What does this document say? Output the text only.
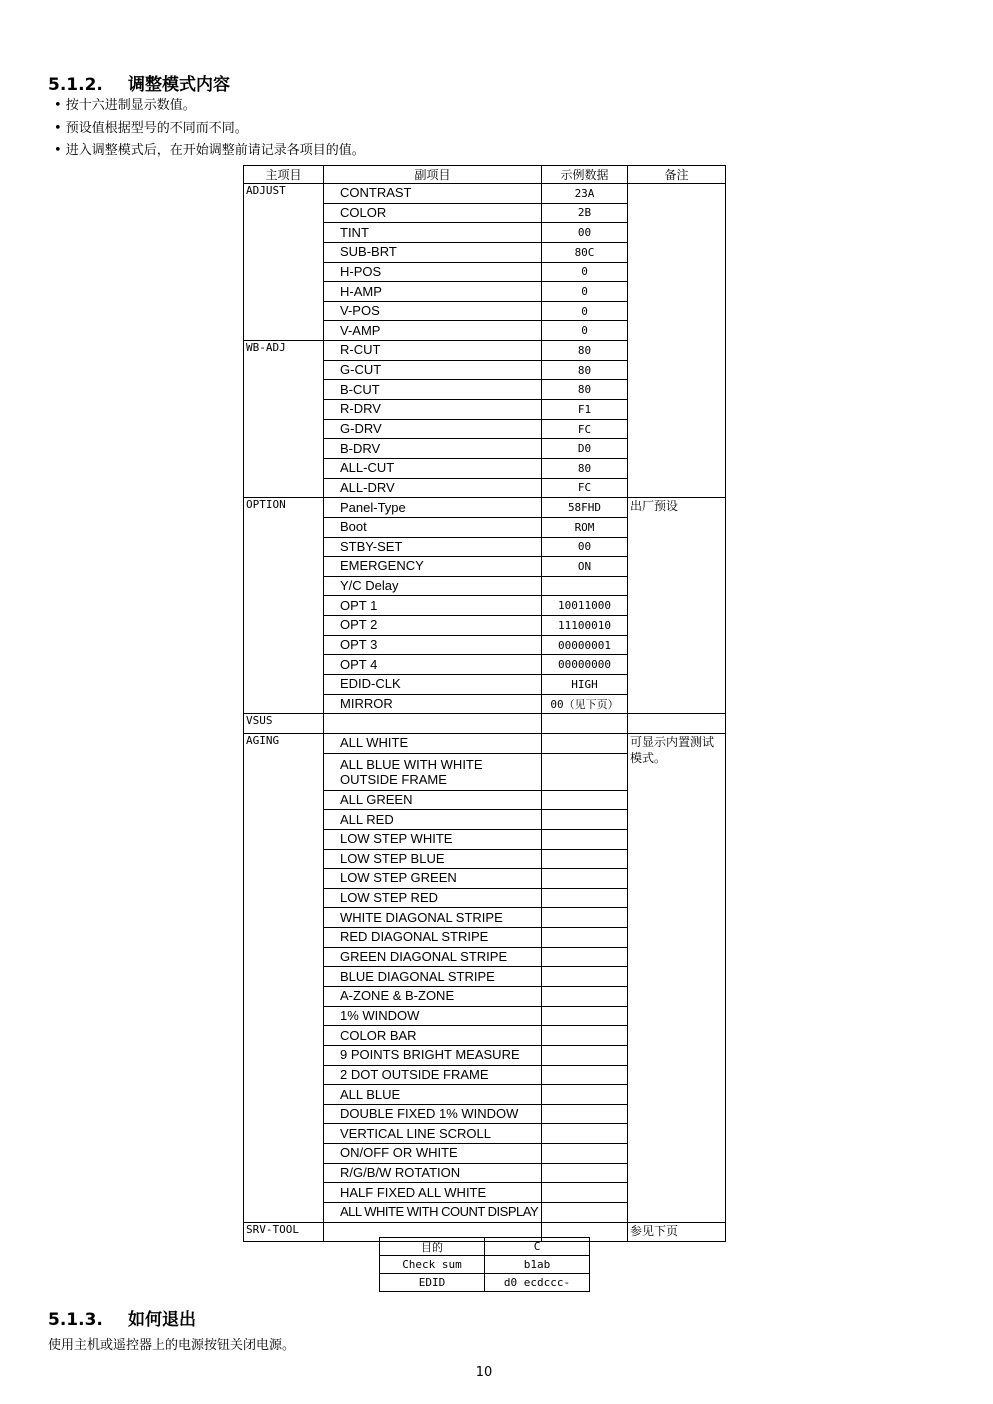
5.1.2. 调整模式内容
• 按十六进制显示数值。
• 预设值根据型号的不同而不同。
• 进入调整模式后，在开始调整前请记录各项目的值。
主项目	副项目	示例数据	备注
ADJUST	CONTRAST	23A	
	COLOR	2B	
	TINT	00	
	SUB-BRT	80C	
	H-POS	0	
	H-AMP	0	
	V-POS	0	
	V-AMP	0	
WB-ADJ	R-CUT	80	
	G-CUT	80	
	B-CUT	80	
	R-DRV	F1	
	G-DRV	FC	
	B-DRV	D0	
	ALL-CUT	80	
	ALL-DRV	FC	
OPTION	Panel-Type	58FHD	出厂预设
	Boot	ROM	
	STBY-SET	00	
	EMERGENCY	ON	
	Y/C Delay		
	OPT 1	10011000	
	OPT 2	11100010	
	OPT 3	00000001	
	OPT 4	00000000	
	EDID-CLK	HIGH	
	MIRROR	00（见下页）	
VSUS			
AGING	ALL WHITE		可显示内置测试模式。
	ALL BLUE WITH WHITE OUTSIDE FRAME		
	ALL GREEN		
	ALL RED		
	LOW STEP WHITE		
	LOW STEP BLUE		
	LOW STEP GREEN		
	LOW STEP RED		
	WHITE DIAGONAL STRIPE		
	RED DIAGONAL STRIPE		
	GREEN DIAGONAL STRIPE		
	BLUE DIAGONAL STRIPE		
	A-ZONE & B-ZONE		
	1% WINDOW		
	COLOR BAR		
	9 POINTS BRIGHT MEASURE		
	2 DOT OUTSIDE FRAME		
	ALL BLUE		
	DOUBLE FIXED 1% WINDOW		
	VERTICAL LINE SCROLL		
	ON/OFF OR WHITE		
	R/G/B/W ROTATION		
	HALF FIXED ALL WHITE		
	ALL WHITE WITH COUNT DISPLAY		
SRV-TOOL			参见下页
目的	C
Check sum	b1ab
EDID	d0 ecdccc-
5.1.3. 如何退出
使用主机或遥控器上的电源按钮关闭电源。
10
